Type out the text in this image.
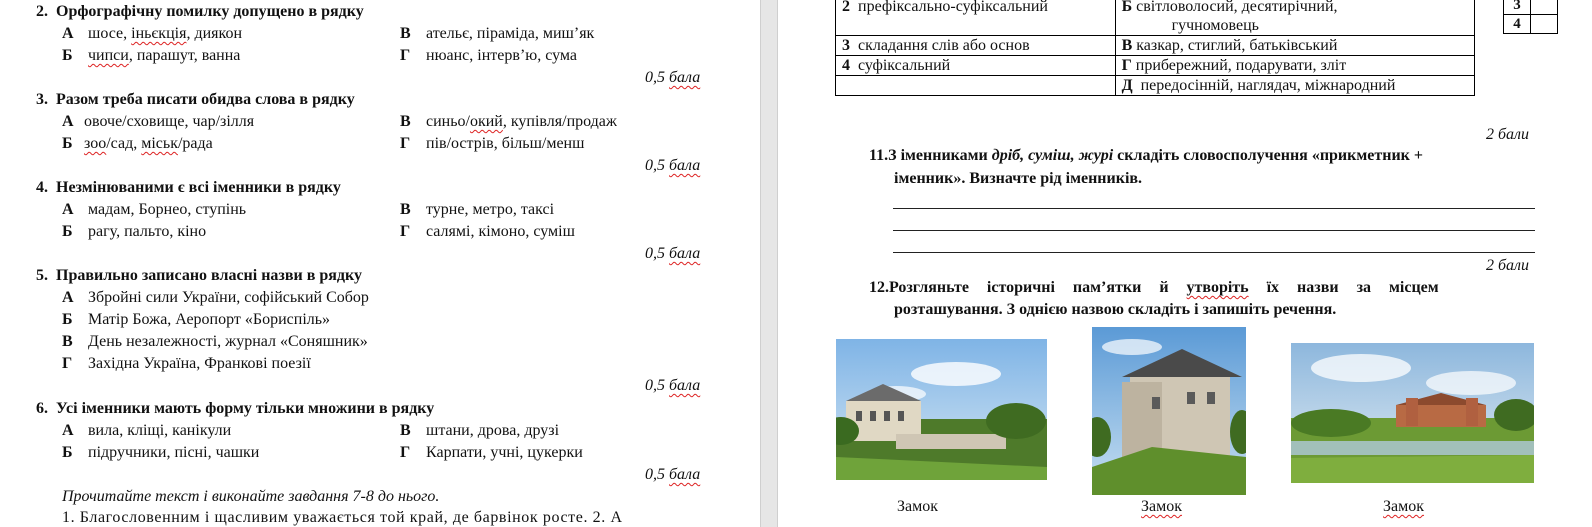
2. Орфографічну помилку допущено в рядку
А шосе, іньєкція, диякон
Б чипси, парашут, ванна
В ательє, піраміда, миш’як
Г нюанс, інтерв’ю, сума
0,5 бала
3. Разом треба писати обидва слова в рядку
А овоче/сховище, чар/зілля
Б зоо/сад, міськ/рада
В синьо/окий, купівля/продаж
Г пів/острів, більш/менш
0,5 бала
4. Незмінюваними є всі іменники в рядку
А мадам, Борнео, ступінь
Б рагу, пальто, кіно
В турне, метро, таксі
Г салямі, кімоно, суміш
0,5 бала
5. Правильно записано власні назви в рядку
А Збройні сили України, софійський Собор
Б Матір Божа, Аеропорт «Бориспіль»
В День незалежності, журнал «Соняшник»
Г Західна Україна, Франкові поезії
0,5 бала
6. Усі іменники мають форму тільки множини в рядку
А вила, кліщі, канікули
Б підручники, пісні, чашки
В штани, дрова, друзі
Г Карпати, учні, цукерки
0,5 бала
Прочитайте текст і виконайте завдання 7-8 до нього.
1. Благословенним і щасливим уважається той край, де барвінок росте. 2. А
2 префіксально-суфіксальний	Б світловолосий, десятирічний,
гучномовець
3 складання слів або основ	В казкар, стиглий, батьківський
4 суфіксальний	Г прибережний, подарувати, зліт
	Д передосінній, наглядач, міжнародний
3	
4	
2 бали
11.З іменниками дріб, суміш, журі складіть словосполучення «прикметник +
іменник». Визначте рід іменників.
2 бали
12.Розгляньте історичні пам’ятки й утворіть їх назви за місцем
розташування. З однією назвою складіть і запишіть речення.
Замок	Замок	Замок
